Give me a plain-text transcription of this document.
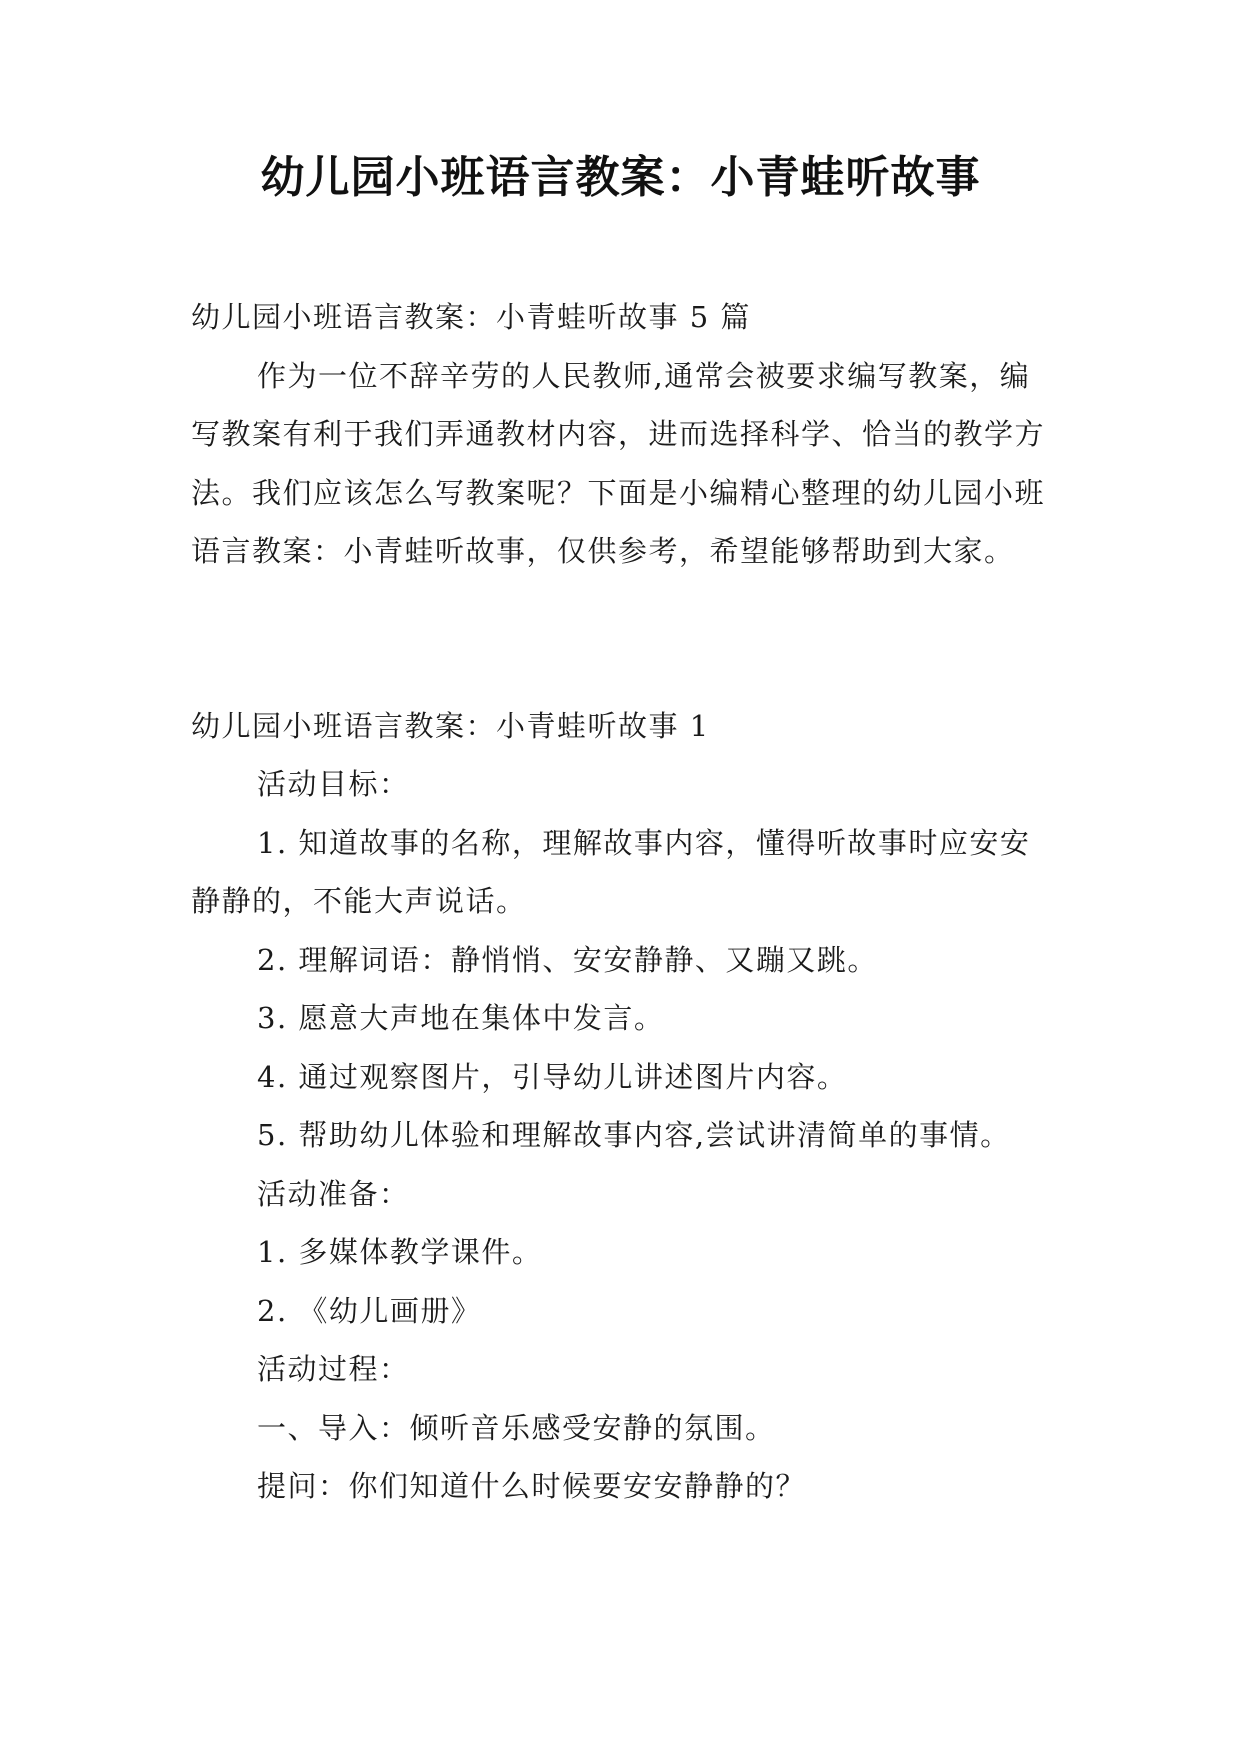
幼儿园小班语言教案：小青蛙听故事

幼儿园小班语言教案：小青蛙听故事 5 篇

作为一位不辞辛劳的人民教师,通常会被要求编写教案，编写教案有利于我们弄通教材内容，进而选择科学、恰当的教学方法。我们应该怎么写教案呢？下面是小编精心整理的幼儿园小班语言教案：小青蛙听故事，仅供参考，希望能够帮助到大家。

幼儿园小班语言教案：小青蛙听故事 1

活动目标：

1. 知道故事的名称，理解故事内容，懂得听故事时应安安静静的，不能大声说话。

2. 理解词语：静悄悄、安安静静、又蹦又跳。

3. 愿意大声地在集体中发言。

4. 通过观察图片，引导幼儿讲述图片内容。

5. 帮助幼儿体验和理解故事内容,尝试讲清简单的事情。

活动准备：

1. 多媒体教学课件。

2. 《幼儿画册》

活动过程：

一、导入：倾听音乐感受安静的氛围。

提问：你们知道什么时候要安安静静的？
